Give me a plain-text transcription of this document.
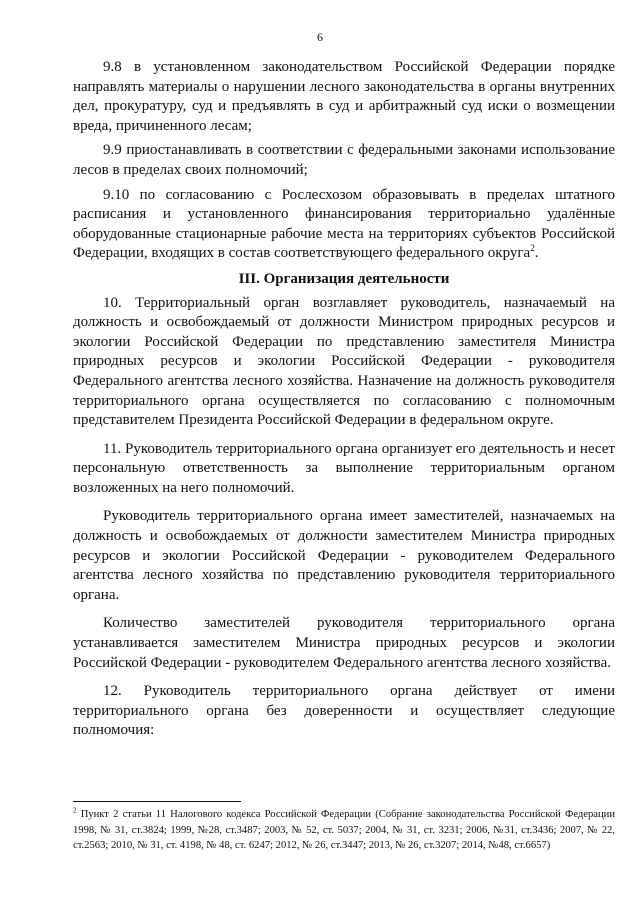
6

9.8 в установленном законодательством Российской Федерации порядке направлять материалы о нарушении лесного законодательства в органы внутренних дел, прокуратуру, суд и предъявлять в суд и арбитражный суд иски о возмещении вреда, причиненного лесам;

9.9 приостанавливать в соответствии с федеральными законами использование лесов в пределах своих полномочий;

9.10 по согласованию с Рослесхозом образовывать в пределах штатного расписания и установленного финансирования территориально удалённые оборудованные стационарные рабочие места на территориях субъектов Российской Федерации, входящих в состав соответствующего федерального округа$^2$.

III. Организация деятельности

10. Территориальный орган возглавляет руководитель, назначаемый на должность и освобождаемый от должности Министром природных ресурсов и экологии Российской Федерации по представлению заместителя Министра природных ресурсов и экологии Российской Федерации - руководителя Федерального агентства лесного хозяйства. Назначение на должность руководителя территориального органа осуществляется по согласованию с полномочным представителем Президента Российской Федерации в федеральном округе.

11. Руководитель территориального органа организует его деятельность и несет персональную ответственность за выполнение территориальным органом возложенных на него полномочий.

Руководитель территориального органа имеет заместителей, назначаемых на должность и освобождаемых от должности заместителем Министра природных ресурсов и экологии Российской Федерации - руководителем Федерального агентства лесного хозяйства по представлению руководителя территориального органа.

Количество заместителей руководителя территориального органа устанавливается заместителем Министра природных ресурсов и экологии Российской Федерации - руководителем Федерального агентства лесного хозяйства.

12. Руководитель территориального органа действует от имени территориального органа без доверенности и осуществляет следующие полномочия:

$^2$ Пункт 2 статьи 11 Налогового кодекса Российской Федерации (Собрание законодательства Российской Федерации 1998, № 31, ст.3824; 1999, №28, ст.3487; 2003, № 52, ст. 5037; 2004, № 31, ст. 3231; 2006, №31, ст.3436; 2007, № 22, ст.2563; 2010, № 31, ст. 4198, № 48, ст. 6247; 2012, № 26, ст.3447; 2013, № 26, ст.3207; 2014, №48, ст.6657)
